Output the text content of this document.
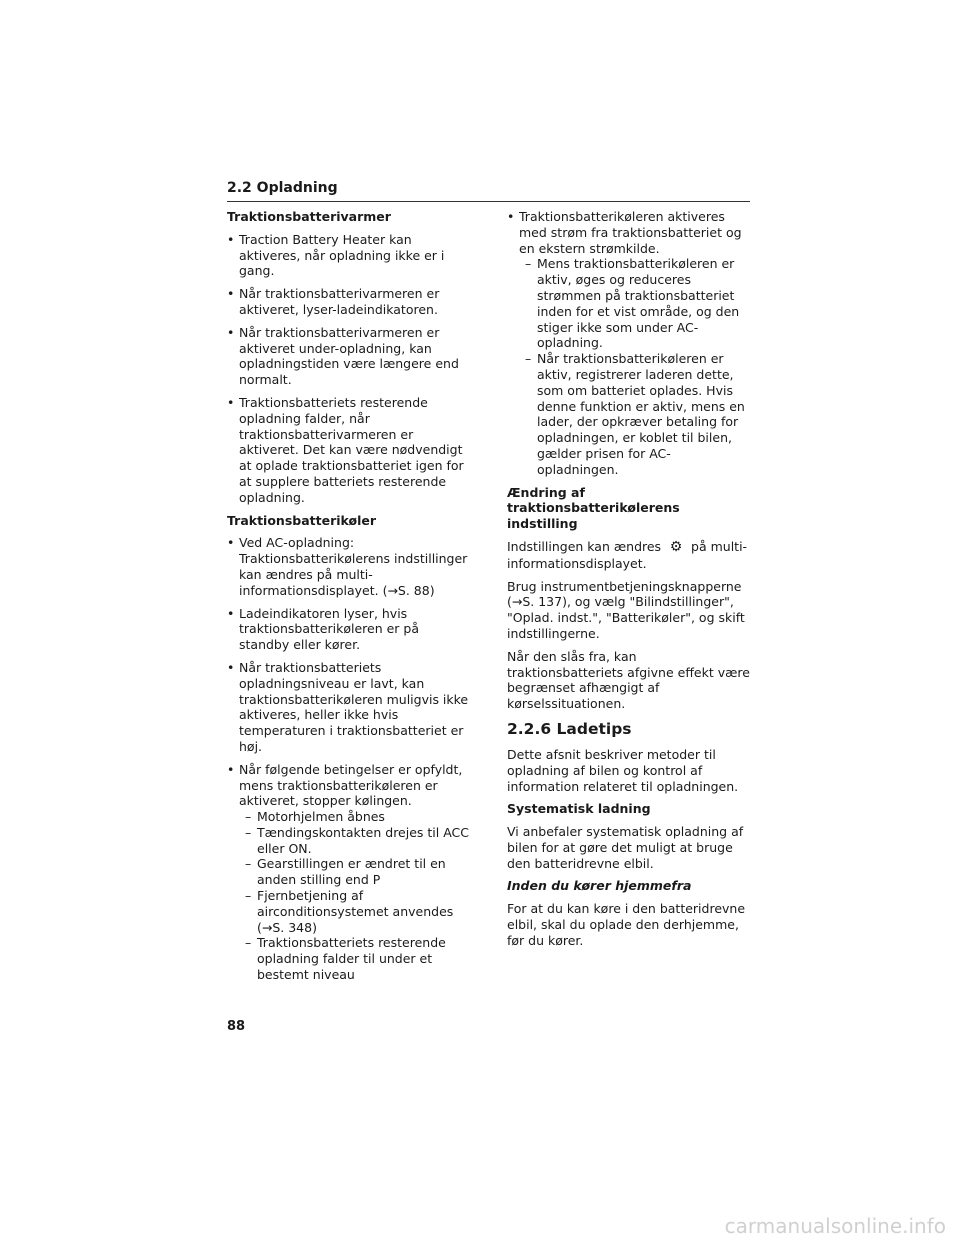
2.2 Opladning
Traktionsbatterivarmer
• Traction Battery Heater kan aktiveres, når opladning ikke er i gang.
• Når traktionsbatterivarmeren er aktiveret, lyser-ladeindikatoren.
• Når traktionsbatterivarmeren er aktiveret under-opladning, kan opladningstiden være længere end normalt.
• Traktionsbatteriets resterende opladning falder, når traktionsbatterivarmeren er aktiveret. Det kan være nødvendigt at oplade traktionsbatteriet igen for at supplere batteriets resterende opladning.
Traktionsbatterikøler
• Ved AC-opladning: Traktionsbatterikølerens indstillinger kan ændres på multi-informationsdisplayet. (→S. 88)
• Ladeindikatoren lyser, hvis traktionsbatterikøleren er på standby eller kører.
• Når traktionsbatteriets opladningsniveau er lavt, kan traktionsbatterikøleren muligvis ikke aktiveres, heller ikke hvis temperaturen i traktionsbatteriet er høj.
• Når følgende betingelser er opfyldt, mens traktionsbatterikøleren er aktiveret, stopper kølingen.
– Motorhjelmen åbnes
– Tændingskontakten drejes til ACC eller ON.
– Gearstillingen er ændret til en anden stilling end P
– Fjernbetjening af airconditionsystemet anvendes (→S. 348)
– Traktionsbatteriets resterende opladning falder til under et bestemt niveau
• Traktionsbatterikøleren aktiveres med strøm fra traktionsbatteriet og en ekstern strømkilde.
– Mens traktionsbatterikøleren er aktiv, øges og reduceres strømmen på traktionsbatteriet inden for et vist område, og den stiger ikke som under AC-opladning.
– Når traktionsbatterikøleren er aktiv, registrerer laderen dette, som om batteriet oplades. Hvis denne funktion er aktiv, mens en lader, der opkræver betaling for opladningen, er koblet til bilen, gælder prisen for AC-opladningen.
Ændring af traktionsbatterikølerens indstilling

Indstillingen kan ændres ⚙ på multi-informationsdisplayet.

Brug instrumentbetjeningsknapperne (→S. 137), og vælg "Bilindstillinger", "Oplad. indst.", "Batterikøler", og skift indstillingerne.

Når den slås fra, kan traktionsbatteriets afgivne effekt være begrænset afhængigt af kørselssituationen.

2.2.6 Ladetips

Dette afsnit beskriver metoder til opladning af bilen og kontrol af information relateret til opladningen.

Systematisk ladning

Vi anbefaler systematisk opladning af bilen for at gøre det muligt at bruge den batteridrevne elbil.

Inden du kører hjemmefra

For at du kan køre i den batteridrevne elbil, skal du oplade den derhjemme, før du kører.

88
carmanualsonline.info
